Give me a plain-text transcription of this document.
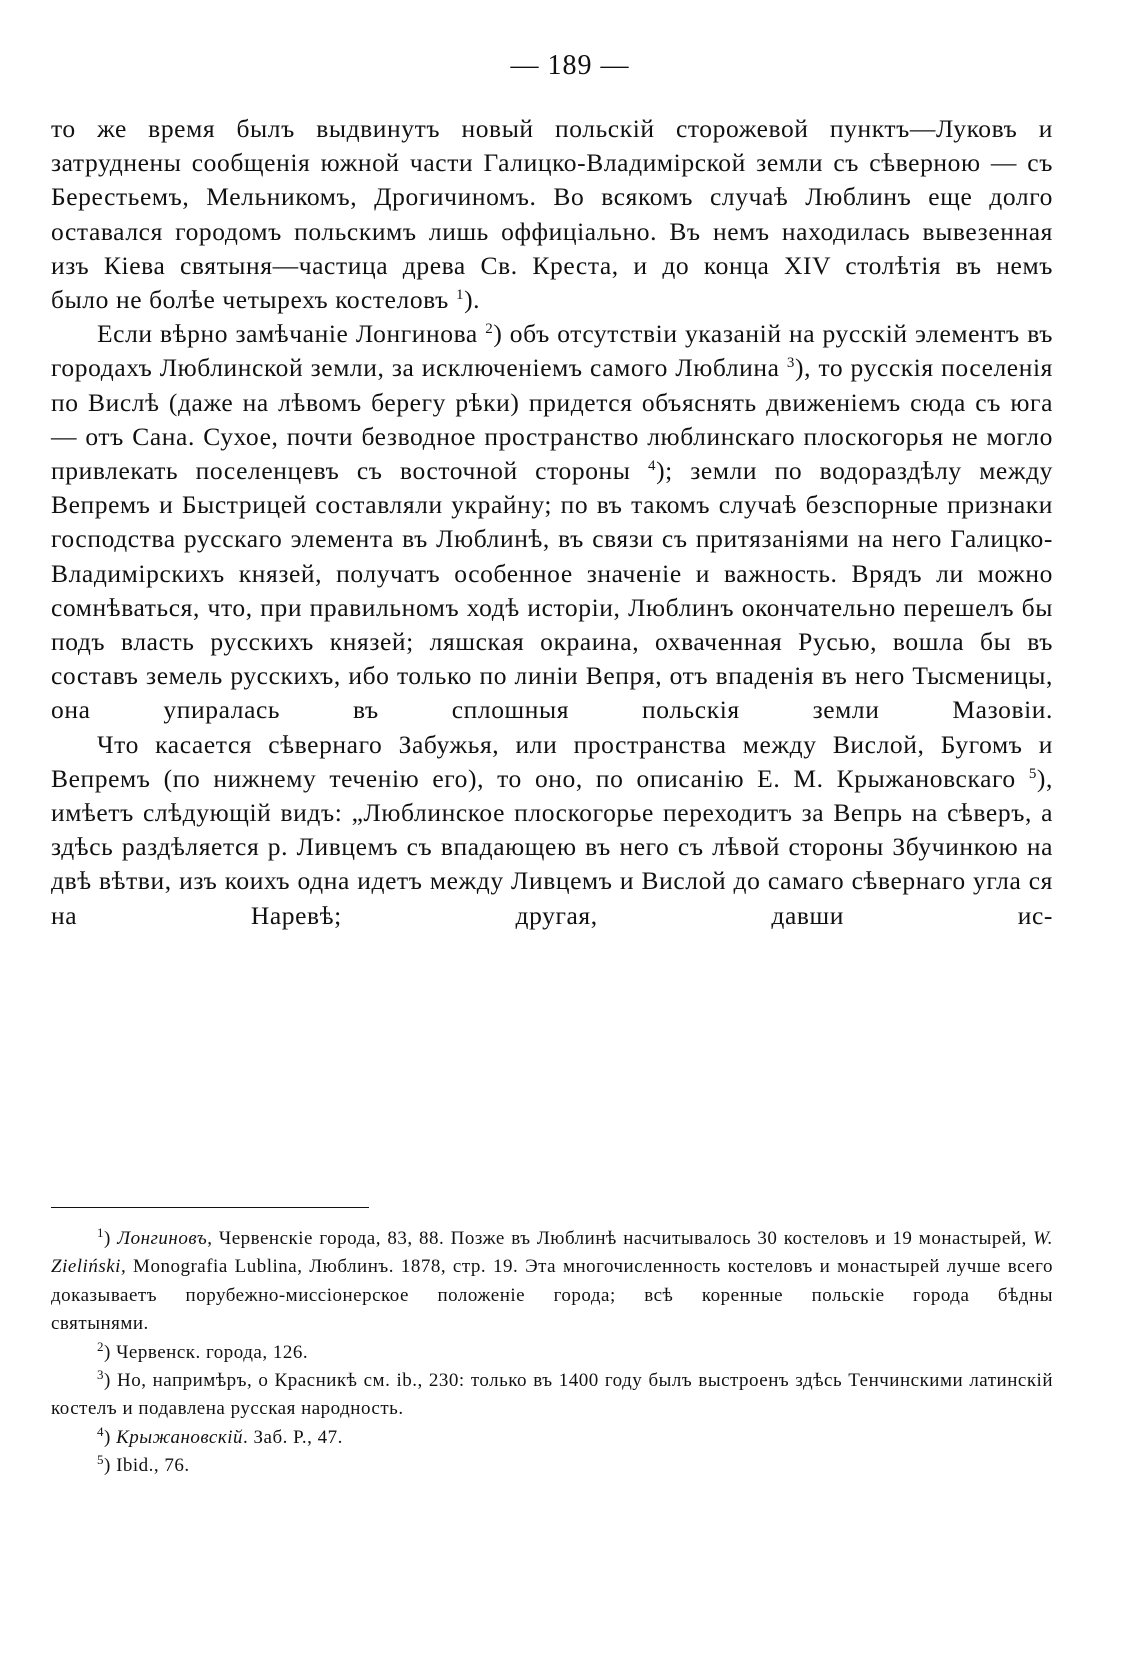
— 189 —

то же время былъ выдвинутъ новый польскій сторожевой пунктъ—Луковъ и затруднены сообщенія южной части Галицко-Владимірской земли съ сѣверною — съ Берестьемъ, Мельникомъ, Дрогичиномъ. Во всякомъ случаѣ Люблинъ еще долго оставался городомъ польскимъ лишь оффиціально. Въ немъ находилась вывезенная изъ Кіева святыня—частица древа Св. Креста, и до конца XIV столѣтія въ немъ
было не болѣе четырехъ костеловъ $^1$).

Если вѣрно замѣчаніе Лонгинова $^2$) объ отсутствіи указаній на русскій элементъ въ городахъ Люблинской земли, за исключеніемъ самого Люблина $^3$), то русскія поселенія по Вислѣ (даже на лѣвомъ берегу рѣки) придется объяснять движеніемъ сюда съ юга — отъ Сана. Сухое, почти безводное пространство люблинскаго плоскогорья не могло привлекать поселенцевъ съ восточной стороны $^4$); земли по водораздѣлу между Вепремъ и Быстрицей составляли украйну; по въ такомъ случаѣ безспорные признаки господства русскаго элемента въ Люблинѣ, въ связи съ притязаніями на него Галицко-Владимірскихъ князей, получатъ особенное значеніе и важность. Врядъ ли можно сомнѣваться, что, при правильномъ ходѣ исторіи, Люблинъ окончательно перешелъ бы подъ власть русскихъ князей; ляшская окраина, охваченная Русью, вошла бы въ составъ земель русскихъ, ибо только по линіи Вепря, отъ впаденія въ него Тысменицы, она упиралась въ сплошныя польскія земли Мазовіи.

Что касается сѣвернаго Забужья, или пространства между Вислой, Бугомъ и Вепремъ (по нижнему теченію его), то оно, по описанію Е. М. Крыжановскаго $^5$), имѣетъ слѣдующій видъ: „Люблинское плоскогорье переходитъ за Вепрь на сѣверъ, а здѣсь раздѣляется р. Ливцемъ съ впадающею въ него съ лѣвой стороны Збучинкою на двѣ вѣтви, изъ коихъ одна идетъ между Ливцемъ и Вислой до самаго сѣвернаго угла ся на Наревѣ; другая, давши ис-

$^1$) Лонгиновъ, Червенскіе города, 83, 88. Позже въ Люблинѣ насчитывалось 30 костеловъ и 19 монастырей, W. Zieliński, Monografia Lublina, Люблинъ. 1878, стр. 19. Эта многочисленность костеловъ и монастырей лучше всего доказываетъ порубежно-миссіонерское положеніе города; всѣ коренные польскіе города бѣдны
святынями.

$^2$) Червенск. города, 126.

$^3$) Но, напримѣръ, о Красникѣ см. ib., 230: только въ 1400 году былъ выстроенъ здѣсь Тенчинскими латинскій костелъ и подавлена русская народность.

$^4$) Крыжановскій. Заб. Р., 47.

$^5$) Ibid., 76.
